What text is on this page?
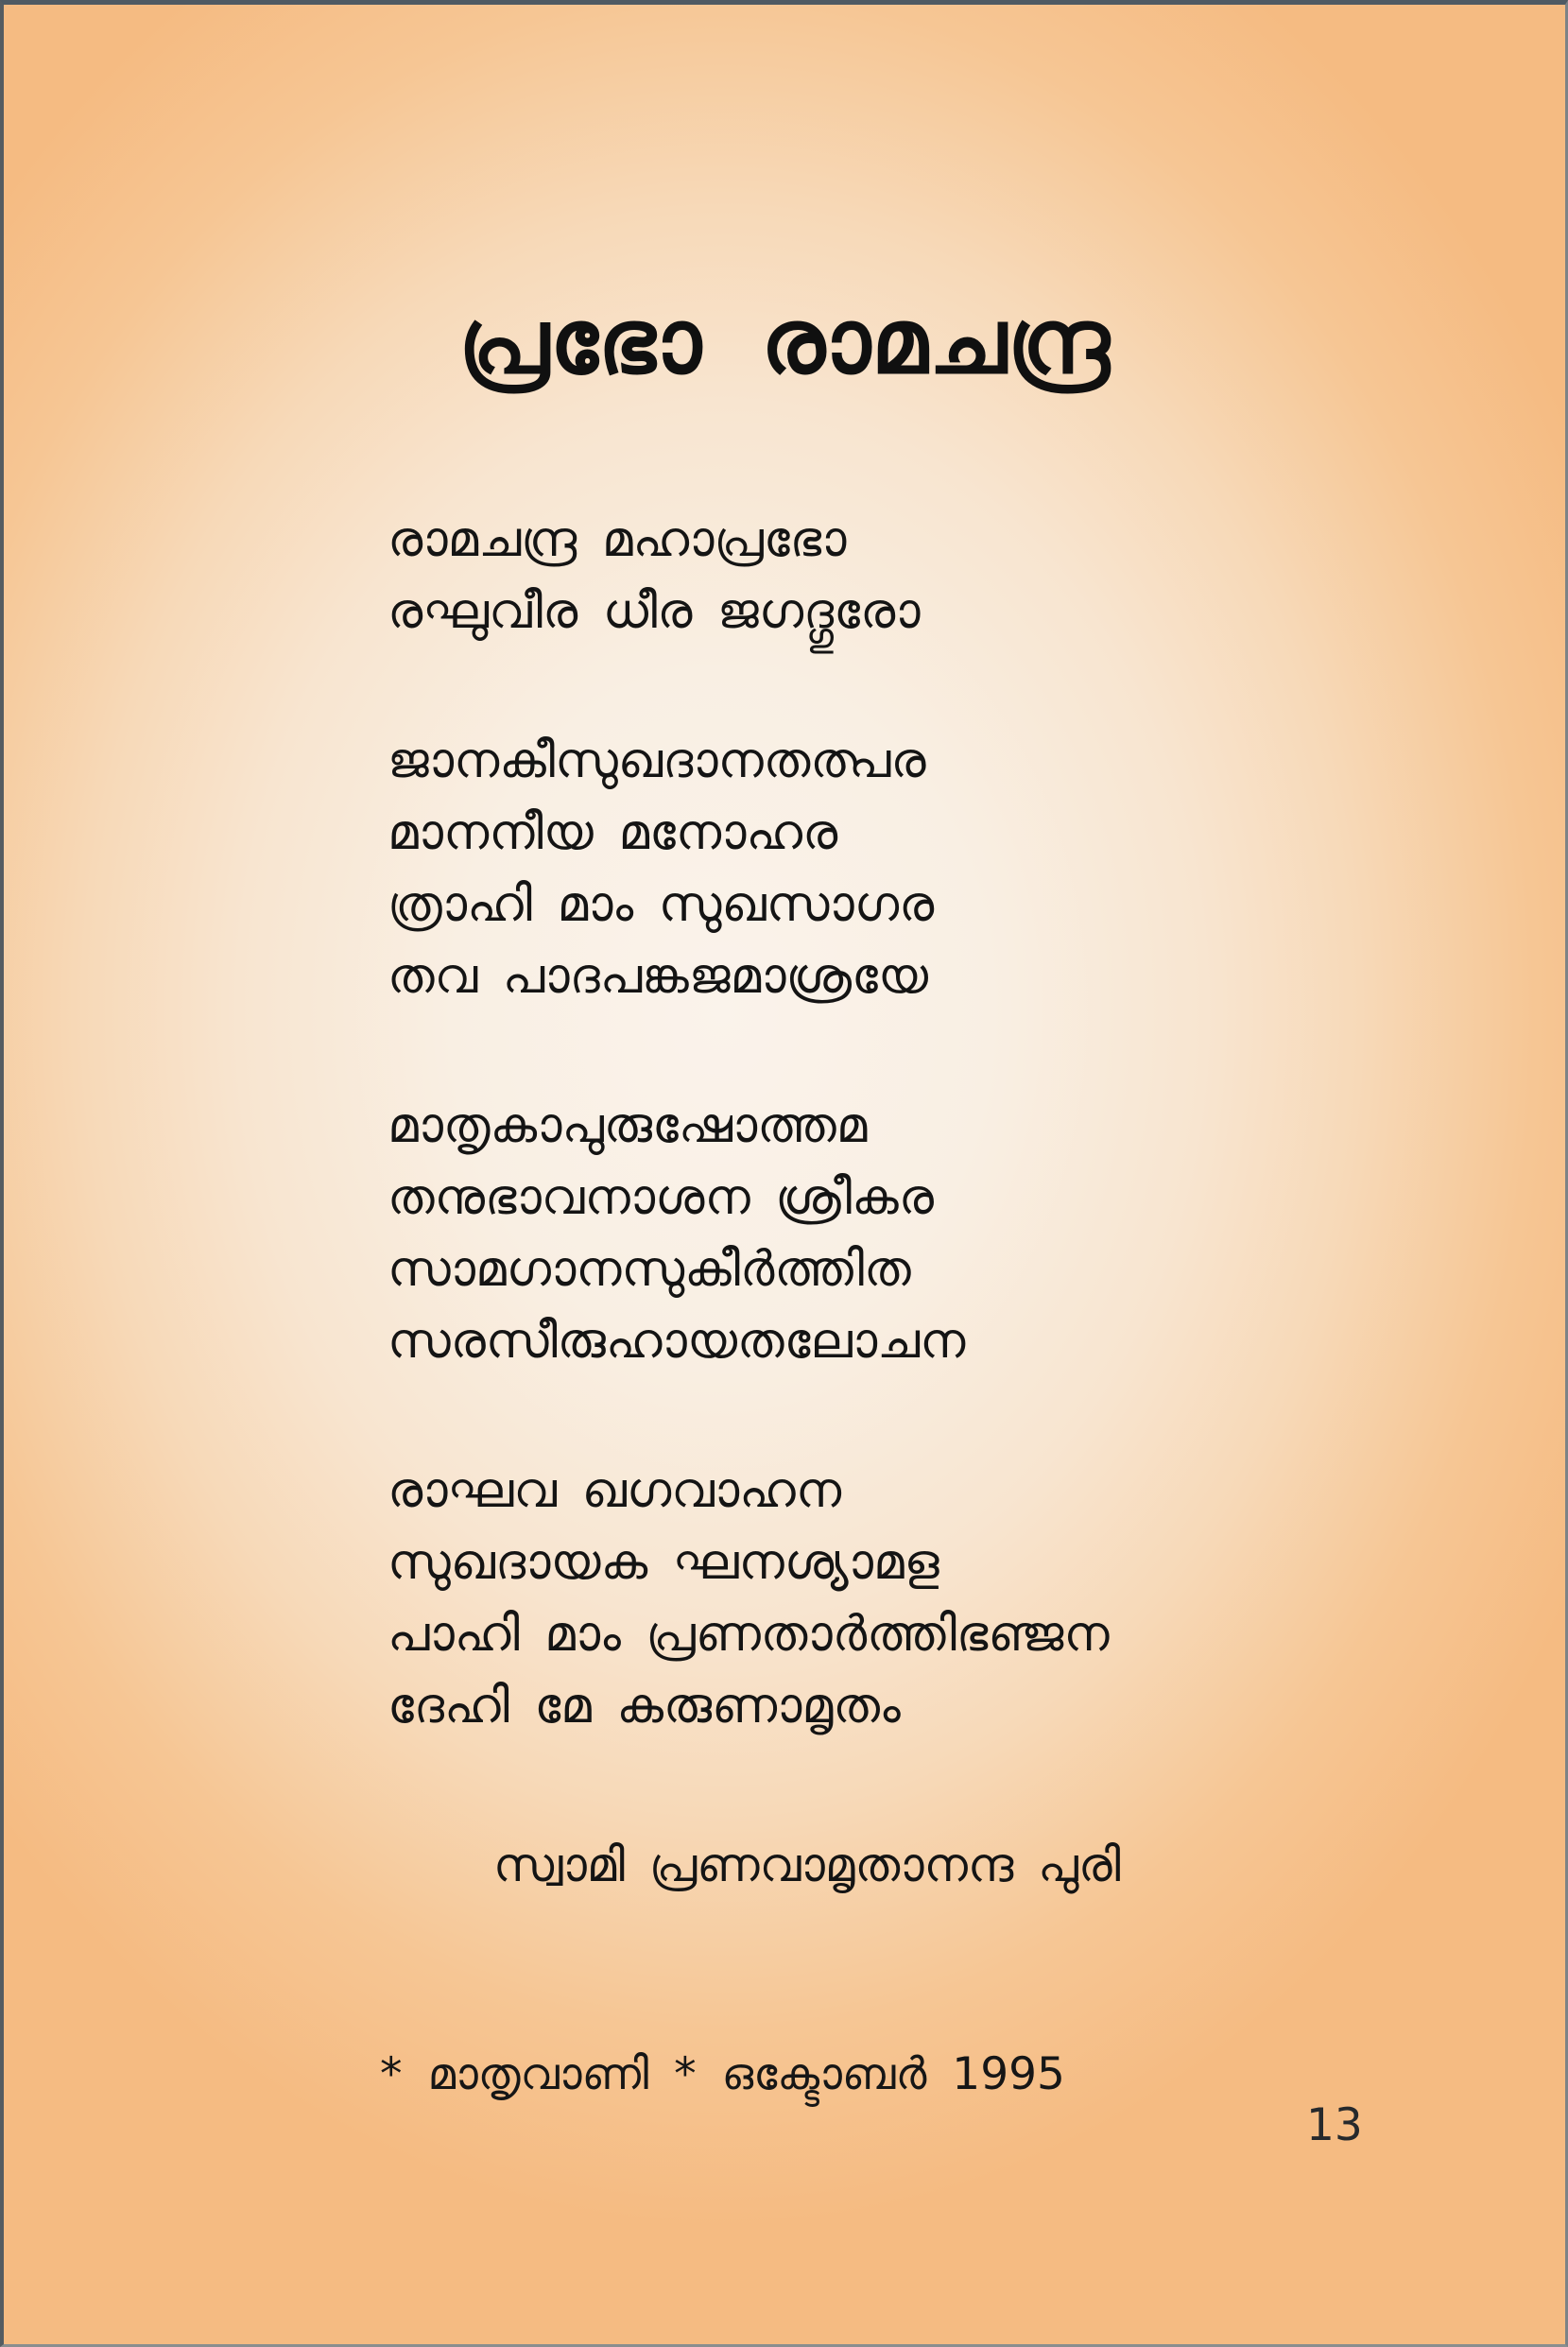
പ്രഭോ രാമചന്ദ്ര
രാമചന്ദ്ര മഹാപ്രഭോ
രഘുവീര ധീര ജഗദ്ഗുരോ
ജാനകീസുഖദാനതത്പര
മാനനീയ മനോഹര
ത്രാഹി മാം സുഖസാഗര
തവ പാദപങ്കജമാശ്രയേ
മാതൃകാപുരുഷോത്തമ
തനുഭാവനാശന ശ്രീകര
സാമഗാനസുകീർത്തിത
സരസീരുഹായതലോചന
രാഘവ ഖഗവാഹന
സുഖദായക ഘനശ്യാമള
പാഹി മാം പ്രണതാർത്തിഭഞ്ജന
ദേഹി മേ കരുണാമൃതം
സ്വാമി പ്രണവാമൃതാനന്ദ പുരി
* മാതൃവാണി * ഒക്ടോബർ 1995
13
